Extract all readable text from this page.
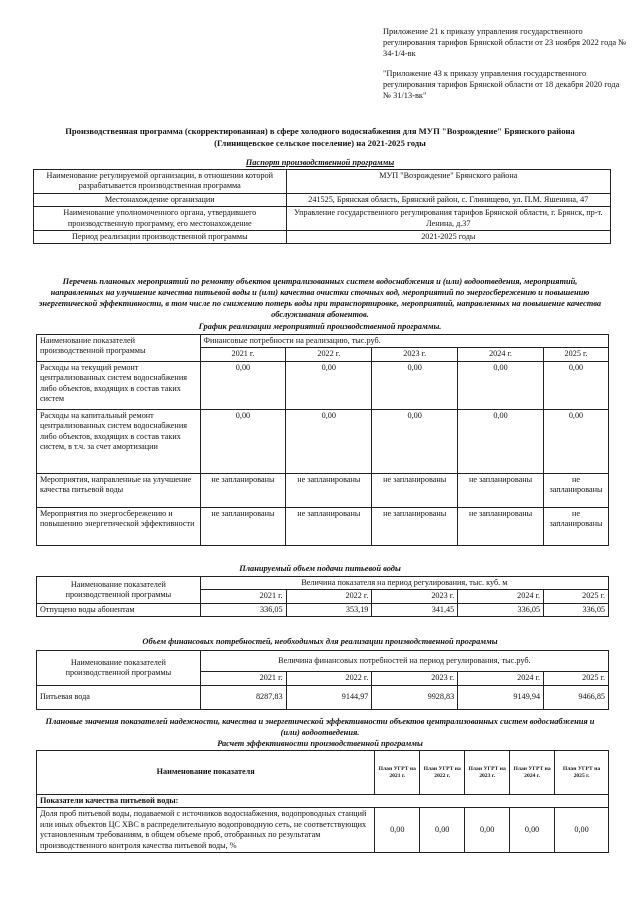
Приложение 21 к приказу управления государственного регулирования тарифов Брянской области от 23 ноября 2022 года № 34-1/4-вк

"Приложение 43 к приказу управления государственного регулирования тарифов Брянской области от 18 декабря 2020 года № 31/13-вк"

Производственная программа (скорректированная) в сфере холодного водоснабжения для МУП "Возрождение" Брянского района (Глинищевское сельское поселение) на 2021-2025 годы
Паспорт производственной программы
Наименование регулируемой организации, в отношении которой разрабатывается производственная программа	МУП "Возрождение" Брянского района
Местонахождение организации	241525, Брянская область, Брянский район, с. Глинищево, ул. П.М. Яшенина, 47
Наименование уполномоченного органа, утвердившего производственную программу, его местонахождение	Управление государственного регулирования тарифов Брянской области, г. Брянск, пр-т. Ленина, д.37
Период реализации производственной программы	2021-2025 годы
Перечень плановых мероприятий по ремонту объектов централизованных систем водоснабжения и (или) водоотведения, мероприятий, направленных на улучшение качества питьевой воды и (или) качества очистки сточных вод, мероприятий по энергосбережению и повышению энергетической эффективности, в том числе по снижению потерь воды при транспортировке, мероприятий, направленных на повышение качества обслуживания абонентов.
График реализации мероприятий производственной программы.
Наименование показателей производственной программы	Финансовые потребности на реализацию, тыс.руб.				
	2021 г.	2022 г.	2023 г.	2024 г.	2025 г.
Расходы на текущий ремонт централизованных систем водоснабжения либо объектов, входящих в состав таких систем	0,00	0,00	0,00	0,00	0,00
Расходы на капитальный ремонт централизованных систем водоснабжения либо объектов, входящих в состав таких систем, в т.ч. за счет амортизации	0,00	0,00	0,00	0,00	0,00
Мероприятия, направленные на улучшение качества питьевой воды	не запланированы	не запланированы	не запланированы	не запланированы	не запланированы
Мероприятия по энергосбережению и повышению энергетической эффективности	не запланированы	не запланированы	не запланированы	не запланированы	не запланированы
Планируемый объем подачи питьевой воды
Наименование показателей производственной программы	Величина показателя на период регулирования, тыс. куб. м				
	2021 г.	2022 г.	2023 г.	2024 г.	2025 г.
Отпущено воды абонентам	336,05	353,19	341,45	336,05	336,05
Объем финансовых потребностей, необходимых для реализации производственной программы
Наименование показателей производственной программы	Величина финансовых потребностей на период регулирования, тыс.руб.				
	2021 г.	2022 г.	2023 г.	2024 г.	2025 г.
Питьевая вода	8287,83	9144,97	9928,83	9149,94	9466,85
Плановые значения показателей надежности, качества и энергетической эффективности объектов централизованных систем водоснабжения и (или) водоотведения.
Расчет эффективности производственной программы
Наименование показателя	План УГРТ на 2021 г.	План УГРТ на 2022 г.	План УГРТ на 2023 г.	План УГРТ на 2024 г.	План УГРТ на 2025 г.
Показатели качества питьевой воды:					
Доля проб питьевой воды, подаваемой с источников водоснабжения, водопроводных станций или иных объектов ЦС ХВС в распределительную водопроводную сеть, не соответствующих установленным требованиям, в общем объеме проб, отобранных по результатам производственного контроля качества питьевой воды, %	0,00	0,00	0,00	0,00	0,00
